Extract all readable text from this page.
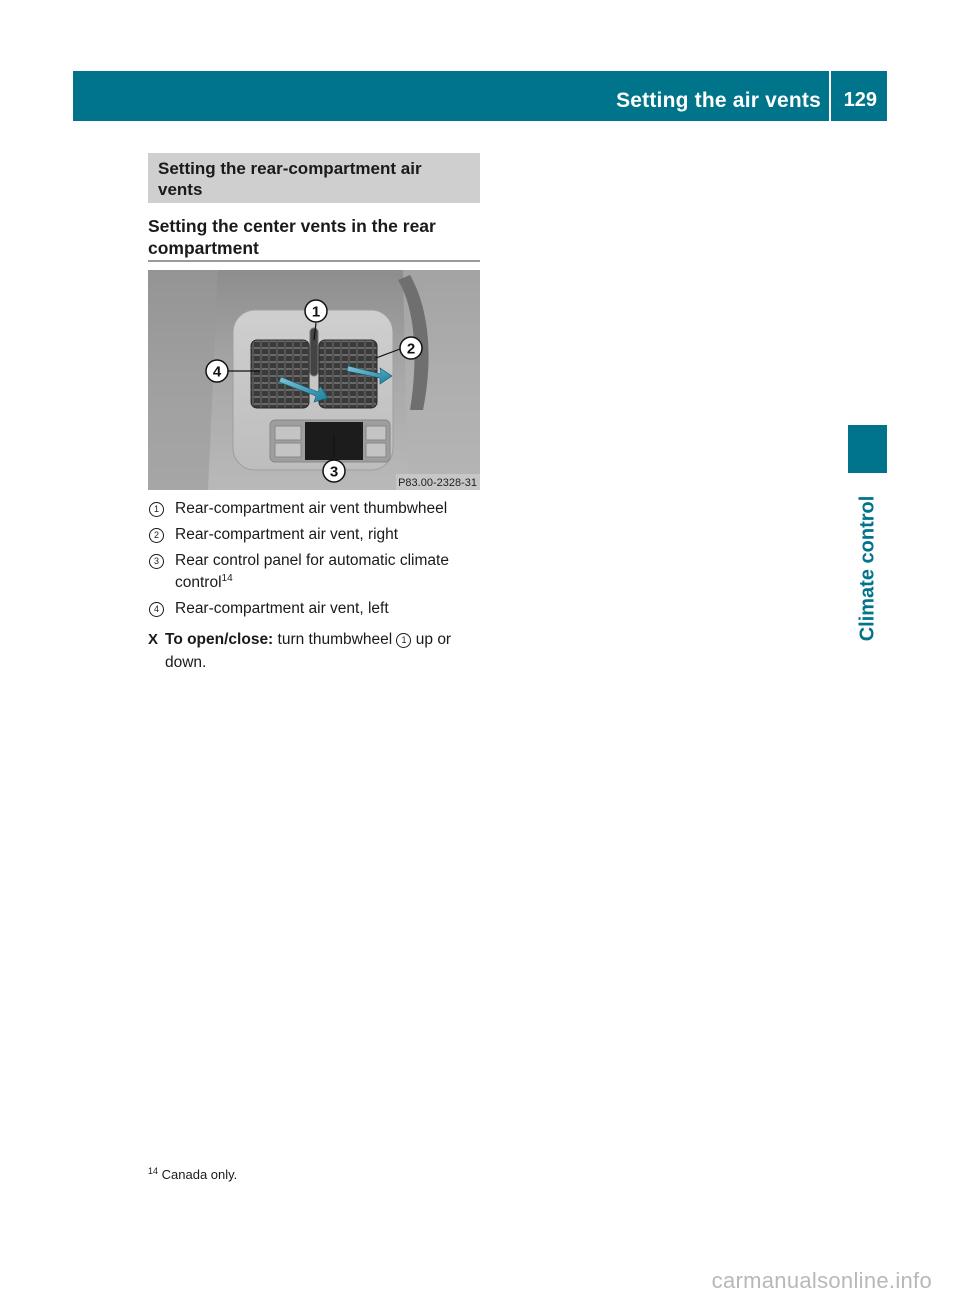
Setting the air vents 129
Climate control
Setting the rear-compartment air vents
Setting the center vents in the rear compartment
1
2
3
4
P83.00-2328-31
1	Rear-compartment air vent thumbwheel
2	Rear-compartment air vent, right
3	Rear control panel for automatic climate control$^{14}$
4	Rear-compartment air vent, left
X To open/close: turn thumbwheel 1 up or down.
$^{14}$ Canada only.
carmanualsonline.info
